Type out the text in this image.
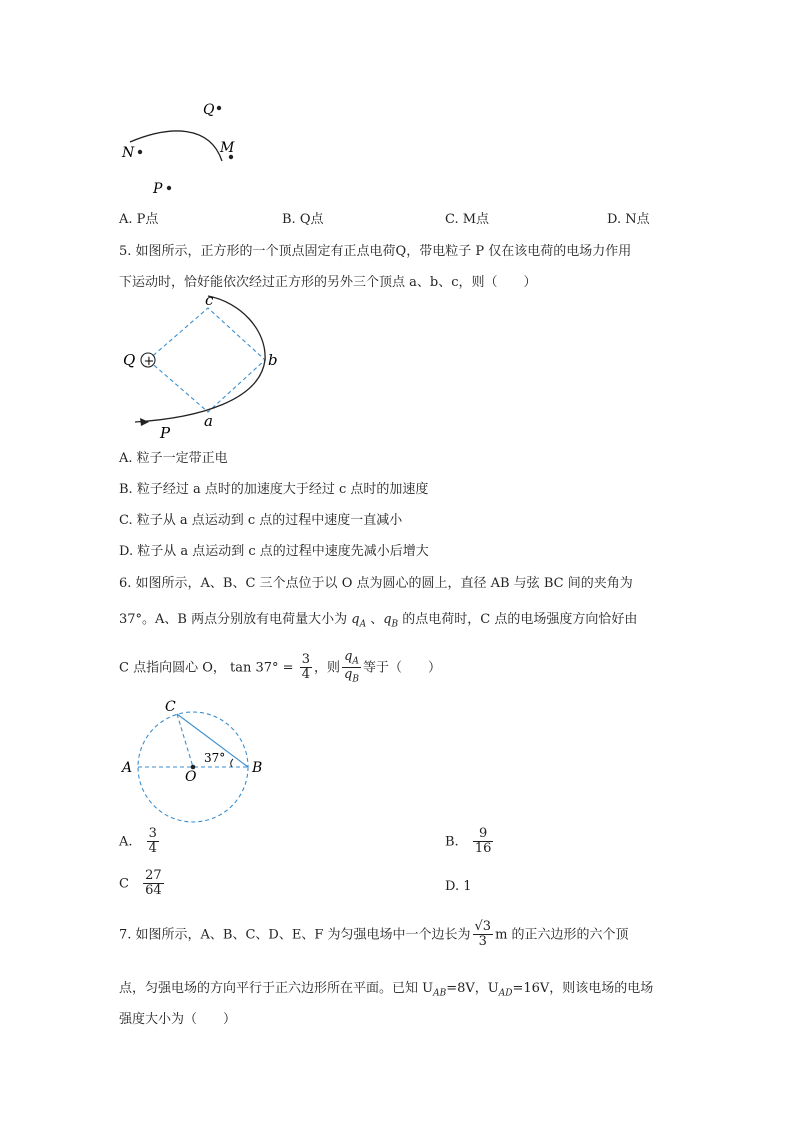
Q
N	M
P
A. P点	B. Q点	C. M点	D. N点
5. 如图所示，正方形的一个顶点固定有正点电荷Q，带电粒子 P 仅在该电荷的电场力作用
下运动时，恰好能依次经过正方形的另外三个顶点 a、b、c，则（　　）
+
Q
c
b
a
P
A. 粒子一定带正电
B. 粒子经过 a 点时的加速度大于经过 c 点时的加速度
C. 粒子从 a 点运动到 c 点的过程中速度一直减小
D. 粒子从 a 点运动到 c 点的过程中速度先减小后增大
6. 如图所示，A、B、C 三个点位于以 O 点为圆心的圆上，直径 AB 与弦 BC 间的夹角为
37°。A、B 两点分别放有电荷量大小为 $q_A$ 、$q_B$ 的点电荷时，C 点的电场强度方向恰好由
C 点指向圆心 O， $\tan 37^\circ = \frac{3}{4}$ ，则 $\frac{q_A}{q_B}$ 等于（　　）
A	B
C
O
37°
A. $\frac{3}{4}$	B. $\frac{9}{16}$
C $\frac{27}{64}$	D. 1
7. 如图所示，A、B、C、D、E、F 为匀强电场中一个边长为 $\frac{√3}{3}$ m 的正六边形的六个顶
点，匀强电场的方向平行于正六边形所在平面。已知 $U_{AB}=8V$，$U_{AD}=16V$，则该电场的电场
强度大小为（　　）
